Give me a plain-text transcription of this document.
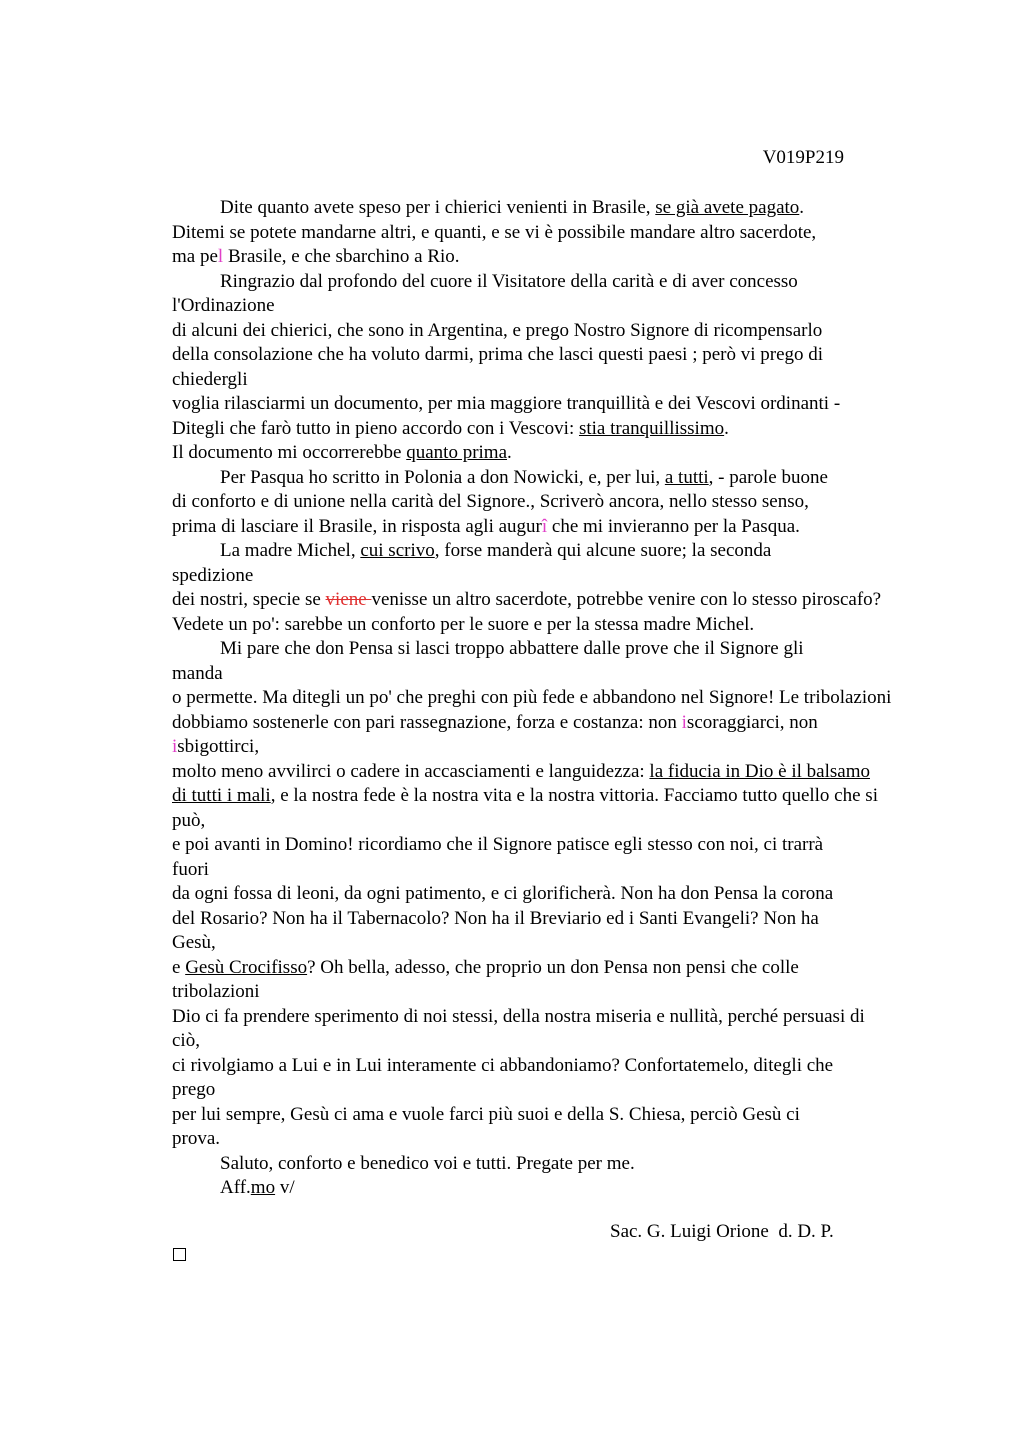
V019P219
Dite quanto avete speso per i chierici venienti in Brasile, se già avete pagato.
Ditemi se potete mandarne altri, e quanti, e se vi è possibile mandare altro sacerdote,
ma pel Brasile, e che sbarchino a Rio.
Ringrazio dal profondo del cuore il Visitatore della carità e di aver concesso
l'Ordinazione
di alcuni dei chierici, che sono in Argentina, e prego Nostro Signore di ricompensarlo
della consolazione che ha voluto darmi, prima che lasci questi paesi ; però vi prego di
chiedergli
voglia rilasciarmi un documento, per mia maggiore tranquillità e dei Vescovi ordinanti -
Ditegli che farò tutto in pieno accordo con i Vescovi: stia tranquillissimo.
Il documento mi occorrerebbe quanto prima.
Per Pasqua ho scritto in Polonia a don Nowicki, e, per lui, a tutti, - parole buone
di conforto e di unione nella carità del Signore., Scriverò ancora, nello stesso senso,
prima di lasciare il Brasile, in risposta agli augurî che mi invieranno per la Pasqua.
La madre Michel, cui scrivo, forse manderà qui alcune suore; la seconda
spedizione
dei nostri, specie se viene venisse un altro sacerdote, potrebbe venire con lo stesso piroscafo?
Vedete un po': sarebbe un conforto per le suore e per la stessa madre Michel.
Mi pare che don Pensa si lasci troppo abbattere dalle prove che il Signore gli
manda
o permette. Ma ditegli un po' che preghi con più fede e abbandono nel Signore! Le tribolazioni
dobbiamo sostenerle con pari rassegnazione, forza e costanza: non iscoraggiarci, non
isbigottirci,
molto meno avvilirci o cadere in accasciamenti e languidezza: la fiducia in Dio è il balsamo
di tutti i mali, e la nostra fede è la nostra vita e la nostra vittoria. Facciamo tutto quello che si
può,
e poi avanti in Domino! ricordiamo che il Signore patisce egli stesso con noi, ci trarrà
fuori
da ogni fossa di leoni, da ogni patimento, e ci glorificherà. Non ha don Pensa la corona
del Rosario? Non ha il Tabernacolo? Non ha il Breviario ed i Santi Evangeli? Non ha
Gesù,
e Gesù Crocifisso? Oh bella, adesso, che proprio un don Pensa non pensi che colle
tribolazioni
Dio ci fa prendere sperimento di noi stessi, della nostra miseria e nullità, perché persuasi di
ciò,
ci rivolgiamo a Lui e in Lui interamente ci abbandoniamo? Confortatemelo, ditegli che
prego
per lui sempre, Gesù ci ama e vuole farci più suoi e della S. Chiesa, perciò Gesù ci
prova.
Saluto, conforto e benedico voi e tutti. Pregate per me.
Aff.mo v/
Sac. G. Luigi Orione  d. D. P.
